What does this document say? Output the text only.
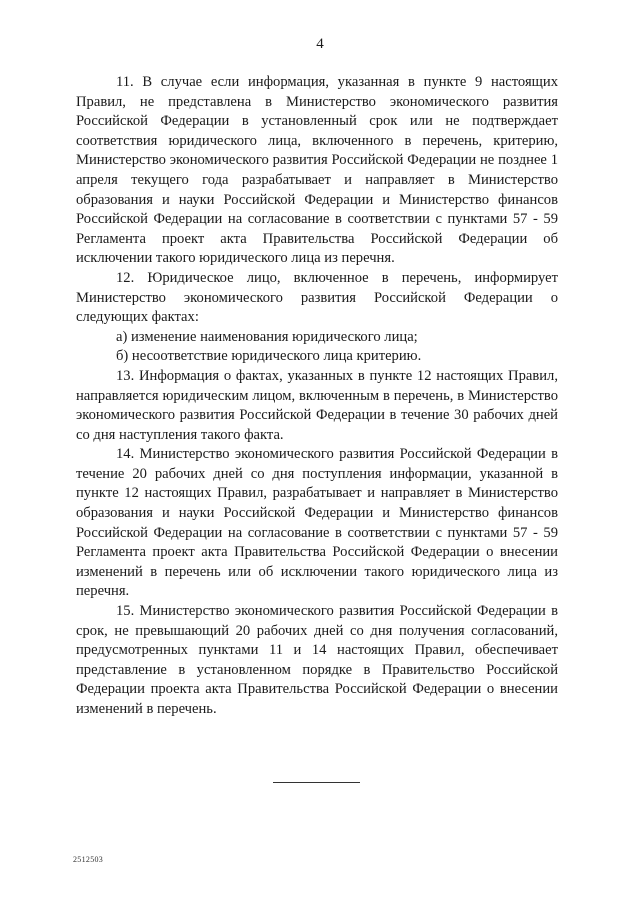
4

11. В случае если информация, указанная в пункте 9 настоящих Правил, не представлена в Министерство экономического развития Российской Федерации в установленный срок или не подтверждает соответствия юридического лица, включенного в перечень, критерию, Министерство экономического развития Российской Федерации не позднее 1 апреля текущего года разрабатывает и направляет в Министерство образования и науки Российской Федерации и Министерство финансов Российской Федерации на согласование в соответствии с пунктами 57 - 59 Регламента проект акта Правительства Российской Федерации об исключении такого юридического лица из перечня.

12. Юридическое лицо, включенное в перечень, информирует Министерство экономического развития Российской Федерации о следующих фактах:

а) изменение наименования юридического лица;

б) несоответствие юридического лица критерию.

13. Информация о фактах, указанных в пункте 12 настоящих Правил, направляется юридическим лицом, включенным в перечень, в Министерство экономического развития Российской Федерации в течение 30 рабочих дней со дня наступления такого факта.

14. Министерство экономического развития Российской Федерации в течение 20 рабочих дней со дня поступления информации, указанной в пункте 12 настоящих Правил, разрабатывает и направляет в Министерство образования и науки Российской Федерации и Министерство финансов Российской Федерации на согласование в соответствии с пунктами 57 - 59 Регламента проект акта Правительства Российской Федерации о внесении изменений в перечень или об исключении такого юридического лица из перечня.

15. Министерство экономического развития Российской Федерации в срок, не превышающий 20 рабочих дней со дня получения согласований, предусмотренных пунктами 11 и 14 настоящих Правил, обеспечивает представление в установленном порядке в Правительство Российской Федерации проекта акта Правительства Российской Федерации о внесении изменений в перечень.

2512503
